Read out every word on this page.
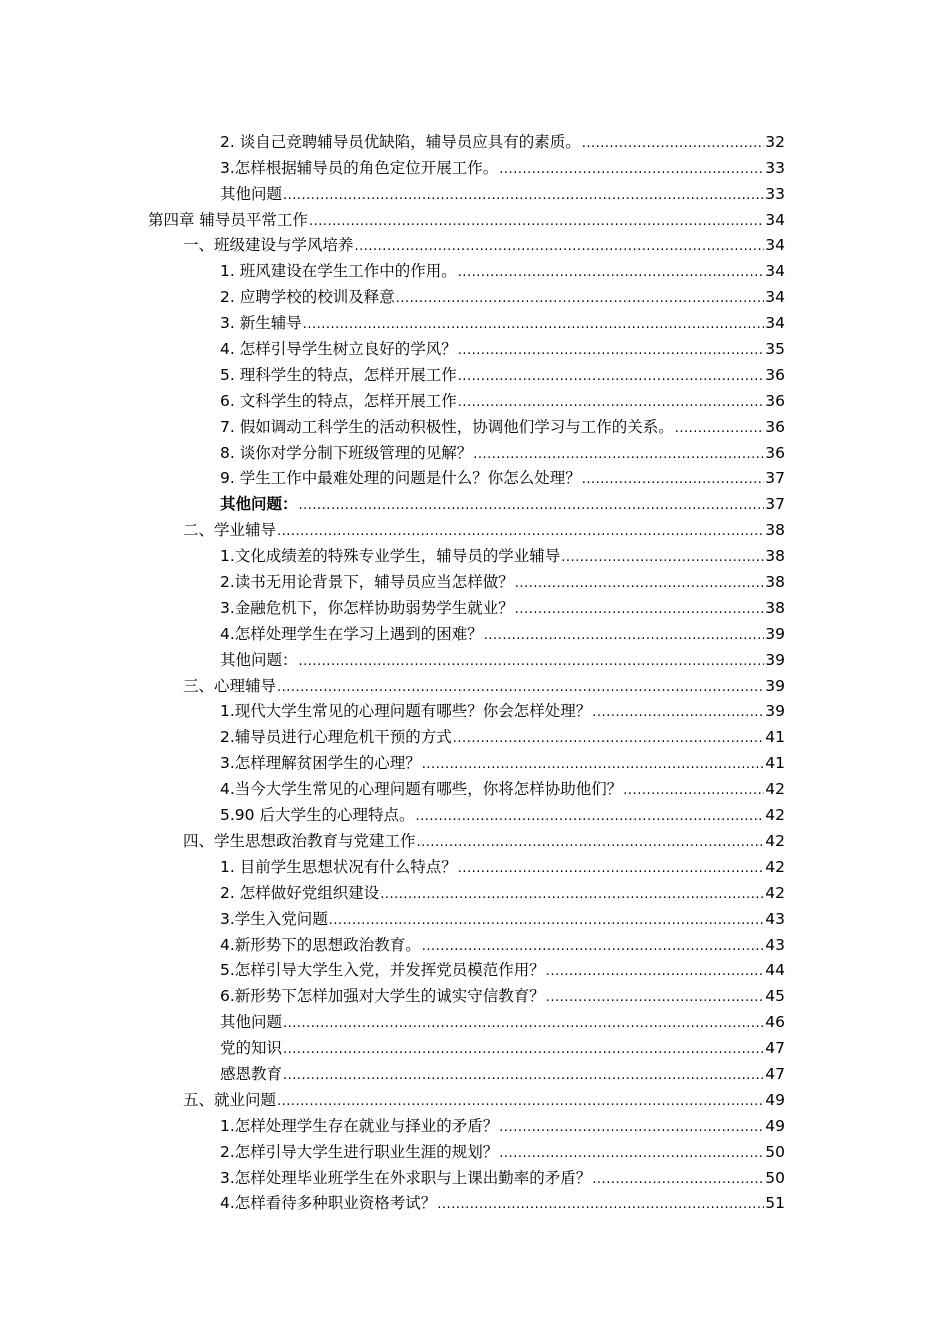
2. 谈自己竞聘辅导员优缺陷，辅导员应具有的素质。 .....	32
3.怎样根据辅导员的角色定位开展工作。 .....	33
其他问题 .....	33
第四章 辅导员平常工作 .....	34
一、班级建设与学风培养 .....	34
1. 班风建设在学生工作中的作用。 .....	34
2. 应聘学校的校训及释意 .....	34
3. 新生辅导 .....	34
4. 怎样引导学生树立良好的学风？ .....	35
5. 理科学生的特点，怎样开展工作 .....	36
6. 文科学生的特点，怎样开展工作 .....	36
7. 假如调动工科学生的活动积极性，协调他们学习与工作的关系。 .....	36
8. 谈你对学分制下班级管理的见解？ .....	36
9. 学生工作中最难处理的问题是什么？你怎么处理？ .....	37
其他问题： .....	37
二、学业辅导 .....	38
1.文化成绩差的特殊专业学生，辅导员的学业辅导 .....	38
2.读书无用论背景下，辅导员应当怎样做？ .....	38
3.金融危机下，你怎样协助弱势学生就业？ .....	38
4.怎样处理学生在学习上遇到的困难？ .....	39
其他问题： .....	39
三、心理辅导 .....	39
1.现代大学生常见的心理问题有哪些？你会怎样处理？ .....	39
2.辅导员进行心理危机干预的方式 .....	41
3.怎样理解贫困学生的心理？ .....	41
4.当今大学生常见的心理问题有哪些，你将怎样协助他们？ .....	42
5.90 后大学生的心理特点。 .....	42
四、学生思想政治教育与党建工作 .....	42
1. 目前学生思想状况有什么特点？ .....	42
2. 怎样做好党组织建设 .....	42
3.学生入党问题 .....	43
4.新形势下的思想政治教育。 .....	43
5.怎样引导大学生入党，并发挥党员模范作用？ .....	44
6.新形势下怎样加强对大学生的诚实守信教育？ .....	45
其他问题 .....	46
党的知识 .....	47
感恩教育 .....	47
五、就业问题 .....	49
1.怎样处理学生存在就业与择业的矛盾？ .....	49
2.怎样引导大学生进行职业生涯的规划？ .....	50
3.怎样处理毕业班学生在外求职与上课出勤率的矛盾？ .....	50
4.怎样看待多种职业资格考试？ .....	51
